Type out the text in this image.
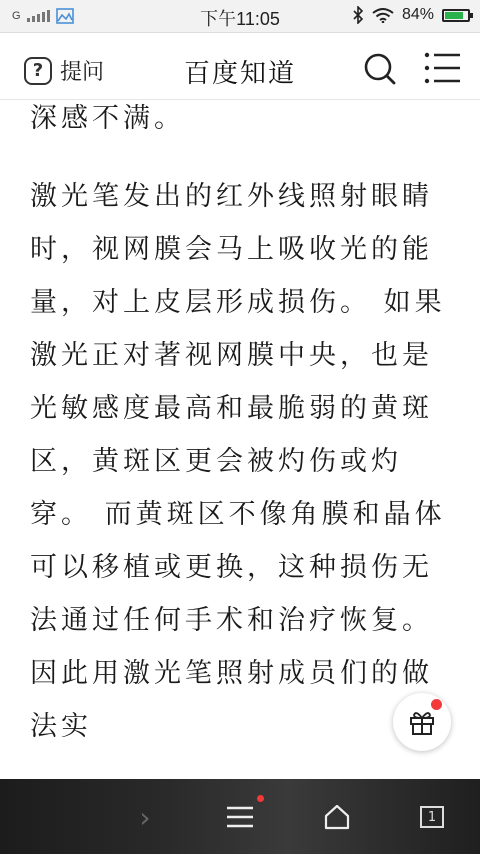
G	下午11:05	84%
? 提问	百度知道

深感不满。

激光笔发出的红外线照射眼睛时，视网膜会马上吸收光的能量，对上皮层形成损伤。 如果激光正对著视网膜中央，也是光敏感度最高和最脆弱的黄斑区，黄斑区更会被灼伤或灼穿。 而黄斑区不像角膜和晶体可以移植或更换，这种损伤无法通过任何手术和治疗恢复。 因此用激光笔照射成员们的做法实

›	1
